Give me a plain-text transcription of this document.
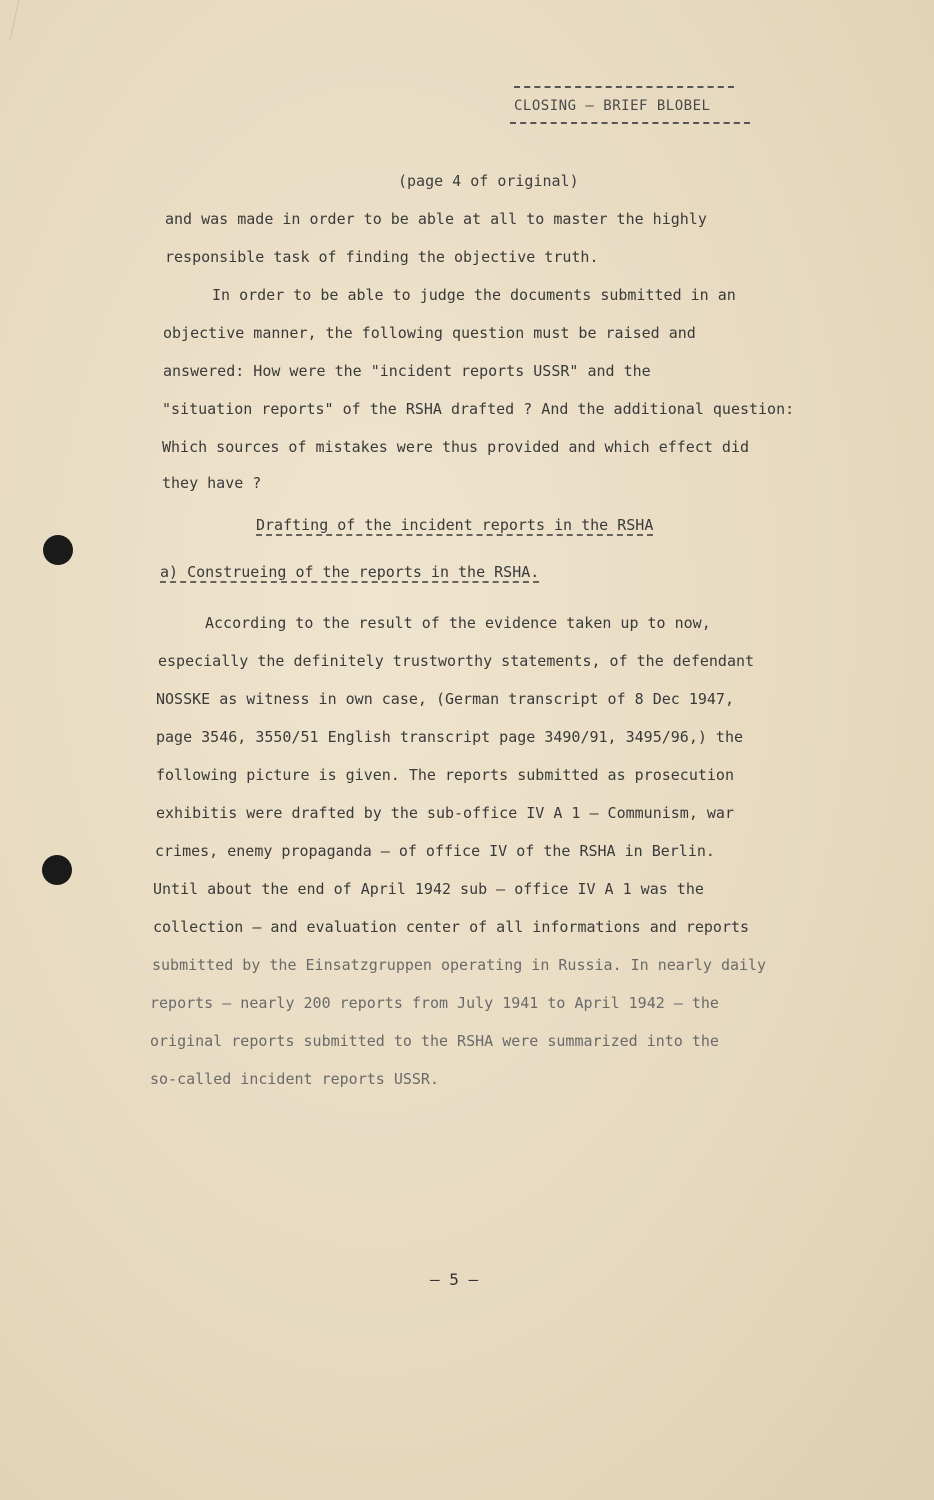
CLOSING – BRIEF BLOBEL
(page 4 of original)
and was made in order to be able at all to master the highly
responsible task of finding the objective truth.
In order to be able to judge the documents submitted in an
objective manner, the following question must be raised and
answered: How were the "incident reports USSR" and the
"situation reports" of the RSHA drafted ? And the additional question:
Which sources of mistakes were thus provided and which effect did
they have ?
Drafting of the incident reports in the RSHA
a) Construeing of the reports in the RSHA.
According to the result of the evidence taken up to now,
especially the definitely trustworthy statements, of the defendant
NOSSKE as witness in own case, (German transcript of 8 Dec 1947,
page 3546, 3550/51 English transcript page 3490/91, 3495/96,) the
following picture is given. The reports submitted as prosecution
exhibitis were drafted by the sub-office IV A 1 – Communism, war
crimes, enemy propaganda – of office IV of the RSHA in Berlin.
Until about the end of April 1942 sub – office IV A 1 was the
collection – and evaluation center of all informations and reports
submitted by the Einsatzgruppen operating in Russia. In nearly daily
reports – nearly 200 reports from July 1941 to April 1942 – the
original reports submitted to the RSHA were summarized into the
so-called incident reports USSR.
– 5 –
